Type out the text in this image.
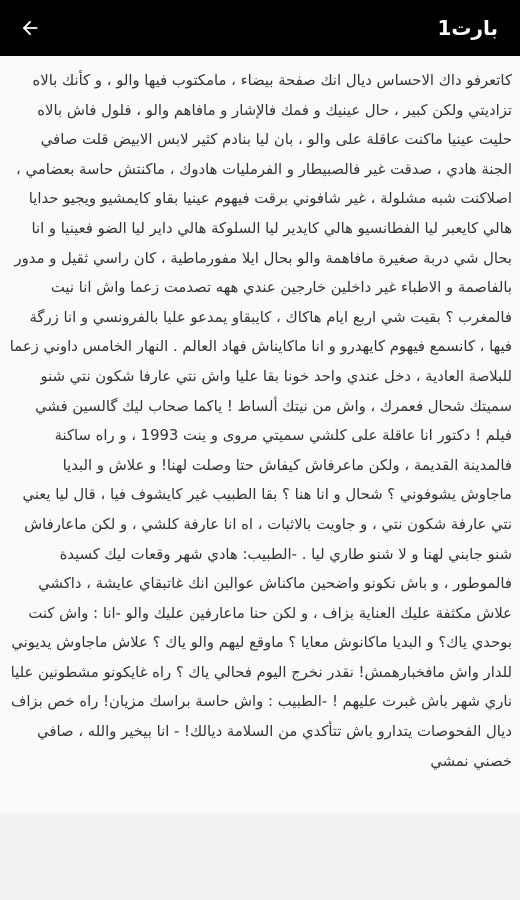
بارت1

كاتعرفو داك الاحساس ديال انك صفحة بيضاء ، مامكتوب فيها والو ، و كأنك بالاه تزاديتي ولكن كبير ، حال عينيك و فمك فالإشار و مافاهم والو ، فلول فاش بالاه حليت عينيا ماكنت عاقلة على والو ، بان ليا بنادم كثير لابس الابيض قلت صافي الجنة هادي ، صدقت غير فالصبيطار و الفرمليات هادوك ، ماكنتش حاسة بعضامي ، اصلاكنت شبه مشلولة ، غير شافوني برقت فيهوم عينيا بقاو كايمشيو ويجيو حدايا هالي كايعبر ليا الفطانسيو هالي كايدير ليا السلوكة هالي داير ليا الضو فعينيا و انا بحال شي دربة صغيرة مافاهمة والو بحال ايلا مفورماطية ، كان راسي ثقيل و مدور بالفاصمة و الاطباء غير داخلين خارجين عندي ههه تصدمت زعما واش انا نيت فالمغرب ؟ بقيت شي اربع ايام هاكاك ، كايبقاو يمدعو عليا بالفرونسي و انا زرگة فيها ، كانسمع فيهوم كايهدرو و انا ماكايناش فهاد العالم . النهار الخامس داوني زعما للبلاصة العادية ، دخل عندي واحد خونا بقا عليا واش نتي عارفا شكون نتي شنو سميتك شحال فعمرك ، واش من نيتك ألساط ! ياكما صحاب ليك گالسين فشي فيلم ! دكتور انا عاقلة على كلشي سميتي مروى و ينت 1993 ، و راه ساكنة فالمدينة القديمة ، ولكن ماعرفاش كيفاش حتا وصلت لهنا! و علاش و البديا ماجاوش يشوفوني ؟ شحال و انا هنا ؟ بقا الطبيب غير كايشوف فيا ، قال ليا يعني نتي عارفة شكون نتي ، و جاويت بالاثبات ، اه انا عارفة كلشي ، و لكن ماعارفاش شنو جابني لهنا و لا شنو طاري ليا . -الطبيب: هادي شهر وقعات ليك كسيدة فالموطور ، و باش نكونو واضحين ماكناش عوالين انك غاتبقاي عايشة ، داكشي علاش مكثفة عليك العناية بزاف ، و لكن حنا ماعارفين عليك والو -انا : واش كنت بوحدي ياك؟ و البديا ماكانوش معايا ؟ ماوقع ليهم والو ياك ؟ علاش ماجاوش يديوني للدار واش مافخبارهمش! نقدر نخرج اليوم فحالي ياك ؟ راه غايكونو مشطونين عليا ناري شهر باش غبرت عليهم ! -الطبيب : واش حاسة براسك مزيان! راه خص بزاف ديال الفحوصات يتدارو باش تتأكدي من السلامة ديالك! - انا بيخير والله ، صافي خصني نمشي
